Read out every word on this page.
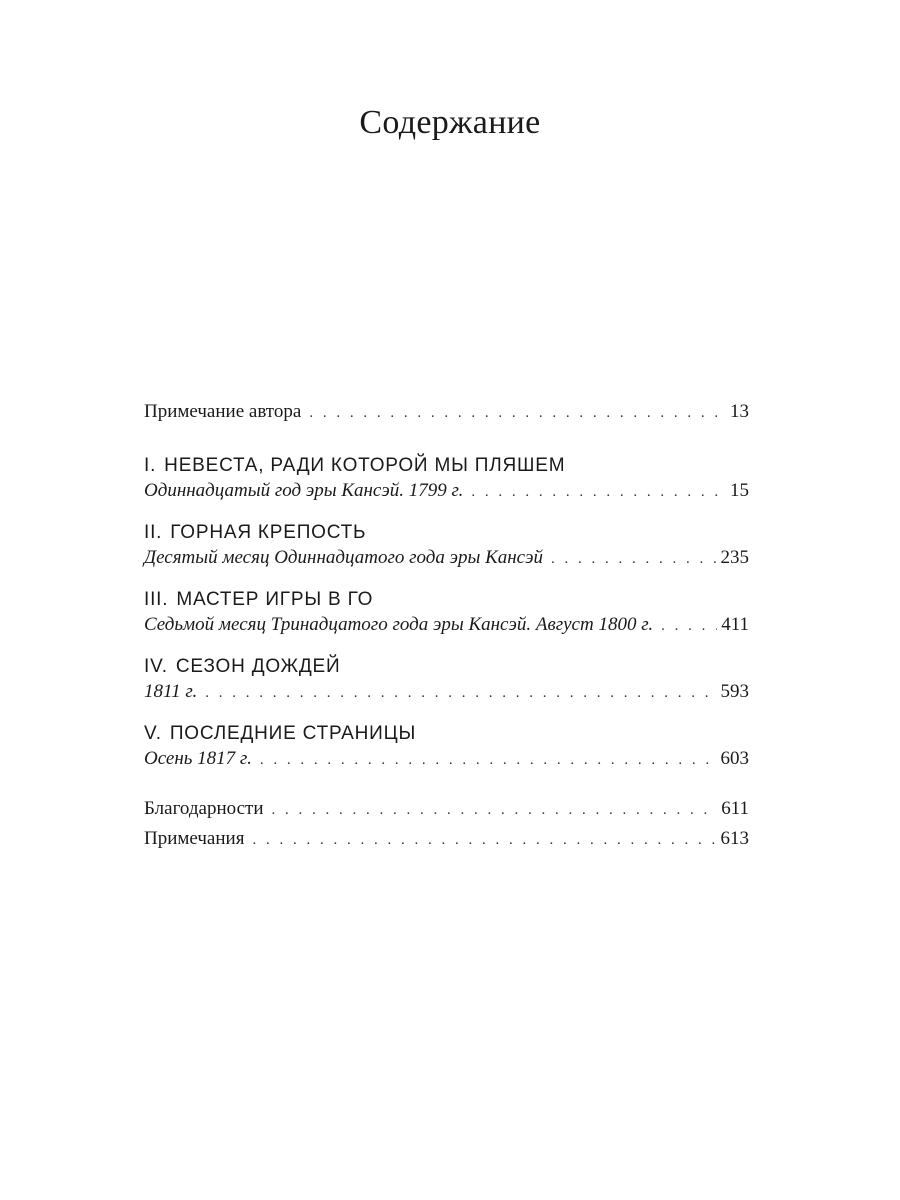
Содержание
Примечание автора . . .	13
I. НЕВЕСТА, РАДИ КОТОРОЙ МЫ ПЛЯШЕМ
Одиннадцатый год эры Кансэй. 1799 г. . . .	15
II. ГОРНАЯ КРЕПОСТЬ
Десятый месяц Одиннадцатого года эры Кансэй . . .	235
III. МАСТЕР ИГРЫ В ГО
Седьмой месяц Тринадцатого года эры Кансэй. Август 1800 г. . . .	411
IV. СЕЗОН ДОЖДЕЙ
1811 г. . . .	593
V. ПОСЛЕДНИЕ СТРАНИЦЫ
Осень 1817 г. . . .	603
Благодарности . . .	611
Примечания . . .	613
